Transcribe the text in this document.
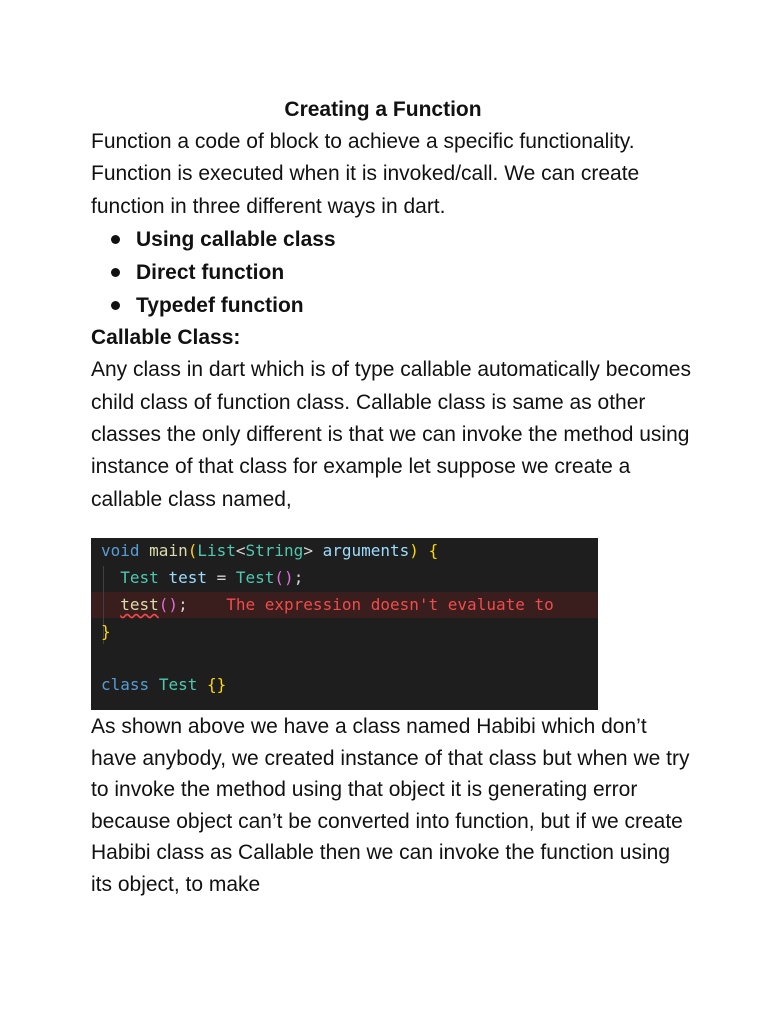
Creating a Function

Function a code of block to achieve a specific functionality. Function is executed when it is invoked/call. We can create function in three different ways in dart.

Using callable class
Direct function
Typedef function

Callable Class:

Any class in dart which is of type callable automatically becomes child class of function class. Callable class is same as other classes the only different is that we can invoke the method using instance of that class for example let suppose we create a callable class named,

void main(List<String> arguments) {
Test test = Test();
test(); The expression doesn't evaluate to
}
class Test {}

As shown above we have a class named Habibi which don’t have anybody, we created instance of that class but when we try to invoke the method using that object it is generating error because object can’t be converted into function, but if we create Habibi class as Callable then we can invoke the function using its object, to make
